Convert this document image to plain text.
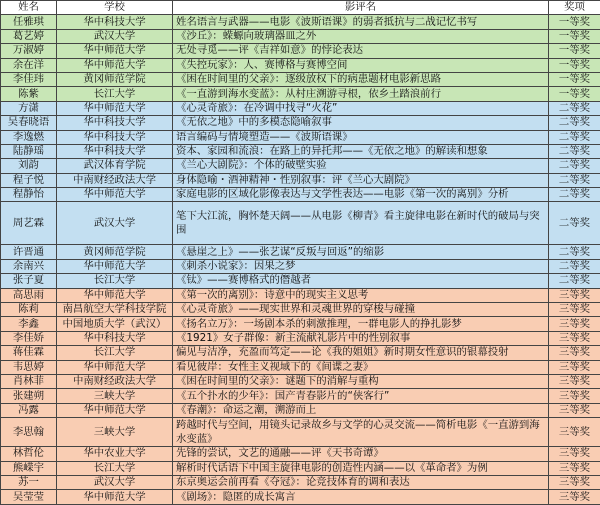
姓名	学校	影评名	奖项
任雅琪	华中科技大学	姓名语言与武器——电影《波斯语课》的弱者抵抗与二战记忆书写	一等奖
葛艺婷	武汉大学	《沙丘》：蝾螈向玻璃器皿之外	一等奖
万淑婷	华中师范大学	无处寻觅——评《吉祥如意》的悖论表达	一等奖
余在洋	华中师范大学	《失控玩家》：人、赛博格与赛博空间	一等奖
李佳玮	黄冈师范学院	《困在时间里的父亲》：逐级放权下的病患题材电影新思路	一等奖
陈紫	长江大学	《一直游到海水变蓝》：从村庄溯游寻根，依乡土踏浪前行	一等奖
方潇	华中师范大学	《心灵奇旅》：在冷调中找寻“火花”	二等奖
吴春晓语	华中科技大学	《无依之地》中的多模态隐喻叙事	二等奖
李逸燃	华中科技大学	语言编码与情境塑造——《波斯语课》	二等奖
陆静瑶	华中科技大学	资本、家园和流浪：在路上的异托邦——《无依之地》的解读和想象	二等奖
刘韵	武汉体育学院	《兰心大剧院》：个体的破壁实验	二等奖
程子悦	中南财经政法大学	身体隐喻・酒神精神・性别叙事：评《兰心大剧院》	二等奖
程静怡	华中师范大学	家庭电影的区域化影像表达与文学性表达——电影《第一次的离别》分析	二等奖
周艺霖	武汉大学	笔下大江流，胸怀楚天阔——从电影《柳青》看主旋律电影在新时代的破局与突围	二等奖
许晋通	黄冈师范学院	《悬崖之上》——张艺谋“反叛与回返”的缩影	二等奖
余南兴	华中师范大学	《刺杀小说家》：因果之梦	二等奖
张子夏	长江大学	《钛》——赛博格式的僭越者	二等奖
高思雨	华中师范大学	《第一次的离别》：诗意中的现实主义思考	三等奖
陈莉	南昌航空大学科技学院	《心灵奇旅》——现实世界和灵魂世界的穿梭与碰撞	三等奖
李鑫	中国地质大学（武汉）	《扬名立万》：一场剧本杀的刺激推理，一群电影人的挣扎影梦	三等奖
李佳娇	华中科技大学	《1921》女子群像：新主流献礼影片中的性别叙事	三等奖
蒋佳霖	长江大学	偏见与洁净，充盈而笃定——论《我的姐姐》新时期女性意识的银幕投射	三等奖
韦思婷	华中师范大学	看见彼岸：女性主义视域下的《间谍之妻》	三等奖
肖林菲	中南财经政法大学	《困在时间里的父亲》：谜题下的消解与重构	三等奖
张建朔	三峡大学	《五个扑水的少年》：国产青春影片的“侠客行”	三等奖
冯露	华中师范大学	《春潮》：命运之潮，溯游而上	三等奖
李思翰	三峡大学	跨越时代与空间，用镜头记录故乡与文学的心灵交流——简析电影《一直游到海水变蓝》	三等奖
林哲伦	华中农业大学	先锋的尝试，文艺的通融——评《天书奇谭》	三等奖
熊嵘宇	长江大学	解析时代话语下中国主旋律电影的创造性内涵——以《革命者》为例	三等奖
苏一	武汉大学	东京奥运会前再看《夺冠》：论竞技体育的调和表达	三等奖
吴莹莹	华中师范大学	《剧场》：隐匿的成长寓言	三等奖
